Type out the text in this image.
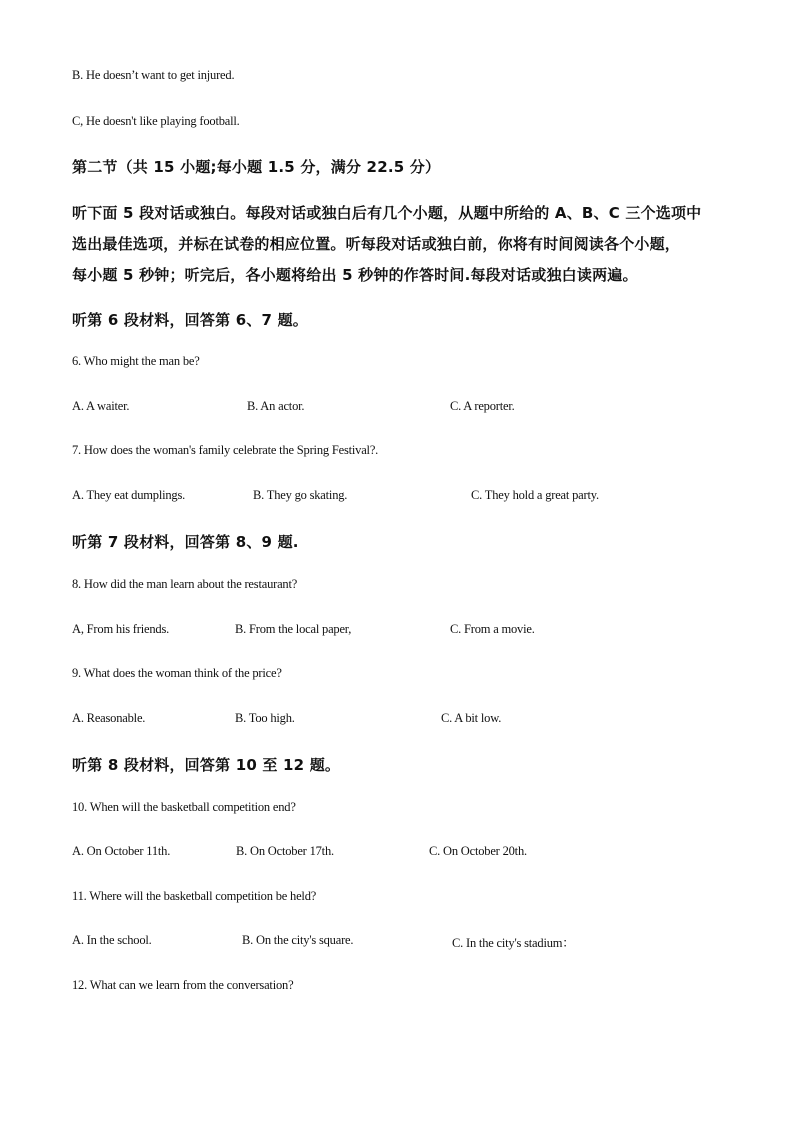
B. He doesn’t want to get injured.
C, He doesn't like playing football.
第二节（共 15 小题;每小题 1.5 分，满分 22.5 分）
听下面 5 段对话或独白。每段对话或独白后有几个小题，从题中所给的 A、B、C 三个选项中
选出最佳选项，并标在试卷的相应位置。听每段对话或独白前，你将有时间阅读各个小题，
每小题 5 秒钟；听完后，各小题将给出 5 秒钟的作答时间.每段对话或独白读两遍。
听第 6 段材料，回答第 6、7 题。
6. Who might the man be?
A. A waiter.	B. An actor.	C. A reporter.
7. How does the woman's family celebrate the Spring Festival?.
A. They eat dumplings.	B. They go skating.	C. They hold a great party.
听第 7 段材料，回答第 8、9 题.
8. How did the man learn about the restaurant?
A, From his friends.	B. From the local paper,	C. From a movie.
9. What does the woman think of the price?
A. Reasonable.	B. Too high.	C. A bit low.
听第 8 段材料，回答第 10 至 12 题。
10. When will the basketball competition end?
A. On October 11th.	B. On October 17th.	C. On October 20th.
11. Where will the basketball competition be held?
A. In the school.	B. On the city's square.	C. In the city's stadium：
12. What can we learn from the conversation?
